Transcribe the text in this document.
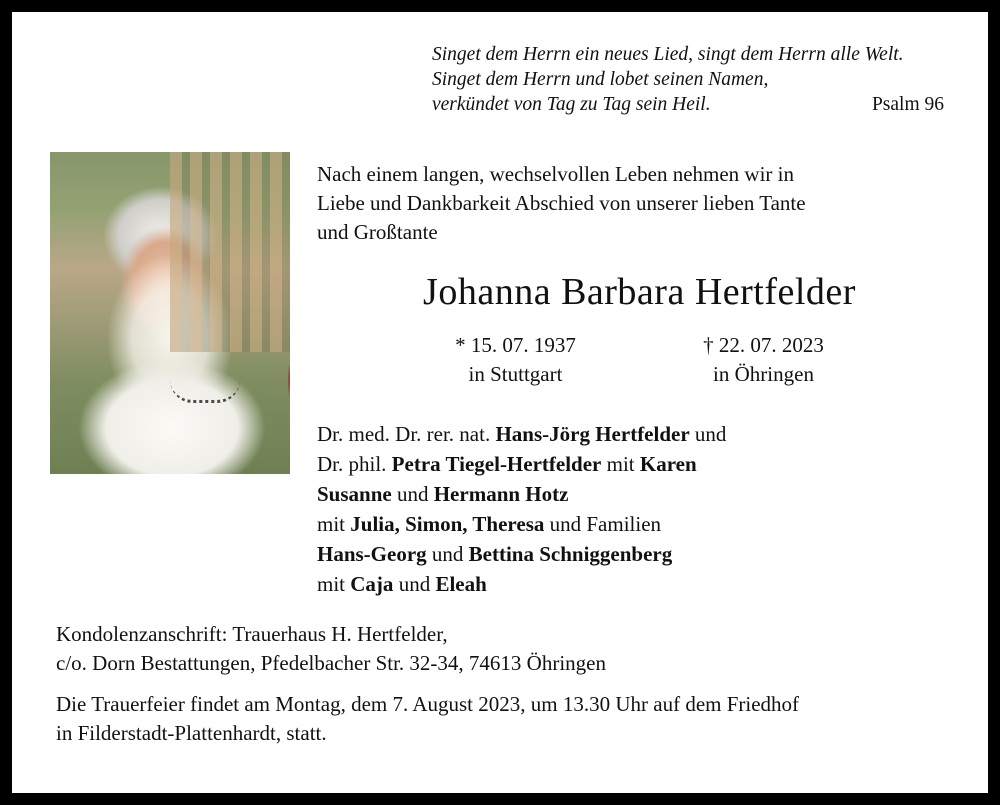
Singet dem Herrn ein neues Lied, singt dem Herrn alle Welt.
Singet dem Herrn und lobet seinen Namen,
verkündet von Tag zu Tag sein Heil.	Psalm 96

Nach einem langen, wechselvollen Leben nehmen wir in
Liebe und Dankbarkeit Abschied von unserer lieben Tante
und Großtante

Johanna Barbara Hertfelder
* 15. 07. 1937
in Stuttgart
† 22. 07. 2023
in Öhringen
Dr. med. Dr. rer. nat. Hans-Jörg Hertfelder und
Dr. phil. Petra Tiegel-Hertfelder mit Karen
Susanne und Hermann Hotz
mit Julia, Simon, Theresa und Familien
Hans-Georg und Bettina Schniggenberg
mit Caja und Eleah
Kondolenzanschrift: Trauerhaus H. Hertfelder,
c/o. Dorn Bestattungen, Pfedelbacher Str. 32-34, 74613 Öhringen
Die Trauerfeier findet am Montag, dem 7. August 2023, um 13.30 Uhr auf dem Friedhof
in Filderstadt-Plattenhardt, statt.
